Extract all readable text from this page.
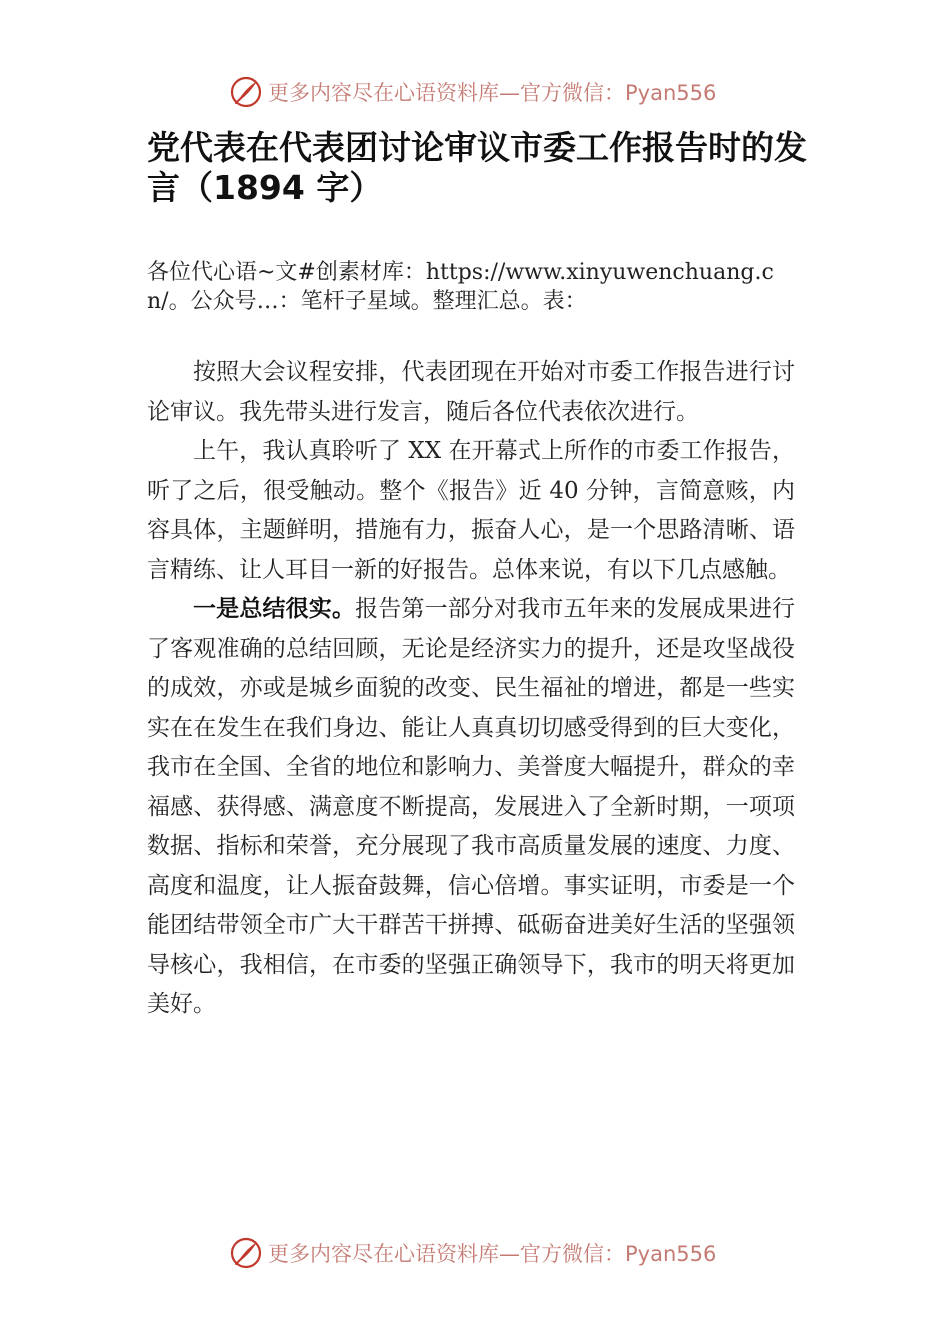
更多内容尽在心语资料库—官方微信：Pyan556
党代表在代表团讨论审议市委工作报告时的发言（1894 字）

各位代心语~文#创素材库：https://www.xinyuwenchuang.cn/。公众号…：笔杆子星域。整理汇总。表：

按照大会议程安排，代表团现在开始对市委工作报告进行讨论审议。我先带头进行发言，随后各位代表依次进行。

上午，我认真聆听了 XX 在开幕式上所作的市委工作报告，听了之后，很受触动。整个《报告》近 40 分钟，言简意赅，内容具体，主题鲜明，措施有力，振奋人心，是一个思路清晰、语言精练、让人耳目一新的好报告。总体来说，有以下几点感触。

一是总结很实。报告第一部分对我市五年来的发展成果进行了客观准确的总结回顾，无论是经济实力的提升，还是攻坚战役的成效，亦或是城乡面貌的改变、民生福祉的增进，都是一些实实在在发生在我们身边、能让人真真切切感受得到的巨大变化，我市在全国、全省的地位和影响力、美誉度大幅提升，群众的幸福感、获得感、满意度不断提高，发展进入了全新时期，一项项数据、指标和荣誉，充分展现了我市高质量发展的速度、力度、高度和温度，让人振奋鼓舞，信心倍增。事实证明，市委是一个能团结带领全市广大干群苦干拼搏、砥砺奋进美好生活的坚强领导核心，我相信，在市委的坚强正确领导下，我市的明天将更加美好。

更多内容尽在心语资料库—官方微信：Pyan556
